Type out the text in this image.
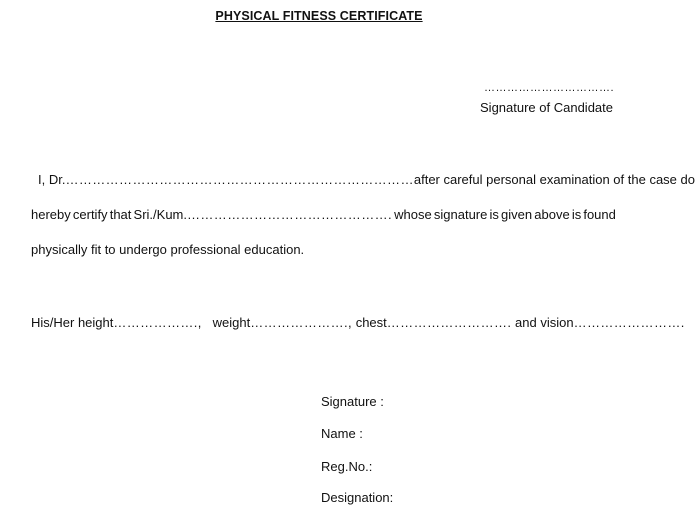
PHYSICAL FITNESS CERTIFICATE
…………………………….
Signature of Candidate
I, Dr.……………………………………………………………………after careful personal examination of the case do
hereby certify that Sri./Kum.………………………………………. whose signature is given above is found
physically fit to undergo professional education.
His/Her height………………., weight…………………., chest………………………. and vision…………………….
Signature :
Name :
Reg.No.:
Designation:
